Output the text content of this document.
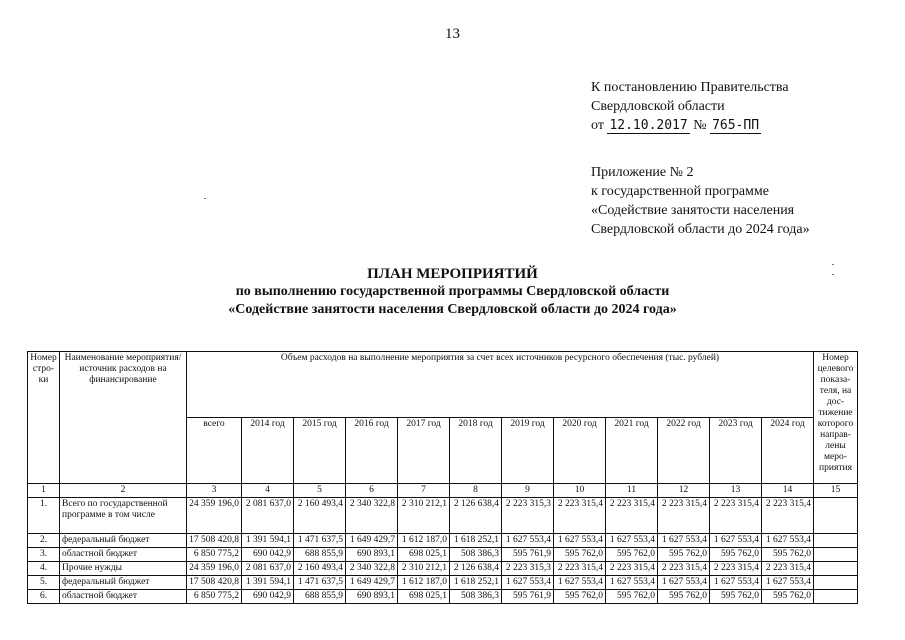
13
К постановлению Правительства
Свердловской области
от 12.10.2017 № 765-ПП
Приложение № 2
к государственной программе
«Содействие занятости населения
Свердловской области до 2024 года»
ПЛАН МЕРОПРИЯТИЙ
по выполнению государственной программы Свердловской области
«Содействие занятости населения Свердловской области до 2024 года»
Номер стро-ки	Наименование мероприятия/ источник расходов на финансирование	Объем расходов на выполнение мероприятия за счет всех источников ресурсного обеспечения (тыс. рублей)												Номер целевого показа-теля, на дос-тижение которого направ-лены меро-приятия
		всего	2014 год	2015 год	2016 год	2017 год	2018 год	2019 год	2020 год	2021 год	2022 год	2023 год	2024 год	
1	2	3	4	5	6	7	8	9	10	11	12	13	14	15
1.	Всего по государственной программе в том числе	24 359 196,0	2 081 637,0	2 160 493,4	2 340 322,8	2 310 212,1	2 126 638,4	2 223 315,3	2 223 315,4	2 223 315,4	2 223 315,4	2 223 315,4	2 223 315,4	
2.	федеральный бюджет	17 508 420,8	1 391 594,1	1 471 637,5	1 649 429,7	1 612 187,0	1 618 252,1	1 627 553,4	1 627 553,4	1 627 553,4	1 627 553,4	1 627 553,4	1 627 553,4	
3.	областной бюджет	6 850 775,2	690 042,9	688 855,9	690 893,1	698 025,1	508 386,3	595 761,9	595 762,0	595 762,0	595 762,0	595 762,0	595 762,0	
4.	Прочие нужды	24 359 196,0	2 081 637,0	2 160 493,4	2 340 322,8	2 310 212,1	2 126 638,4	2 223 315,3	2 223 315,4	2 223 315,4	2 223 315,4	2 223 315,4	2 223 315,4	
5.	федеральный бюджет	17 508 420,8	1 391 594,1	1 471 637,5	1 649 429,7	1 612 187,0	1 618 252,1	1 627 553,4	1 627 553,4	1 627 553,4	1 627 553,4	1 627 553,4	1 627 553,4	
6.	областной бюджет	6 850 775,2	690 042,9	688 855,9	690 893,1	698 025,1	508 386,3	595 761,9	595 762,0	595 762,0	595 762,0	595 762,0	595 762,0	
